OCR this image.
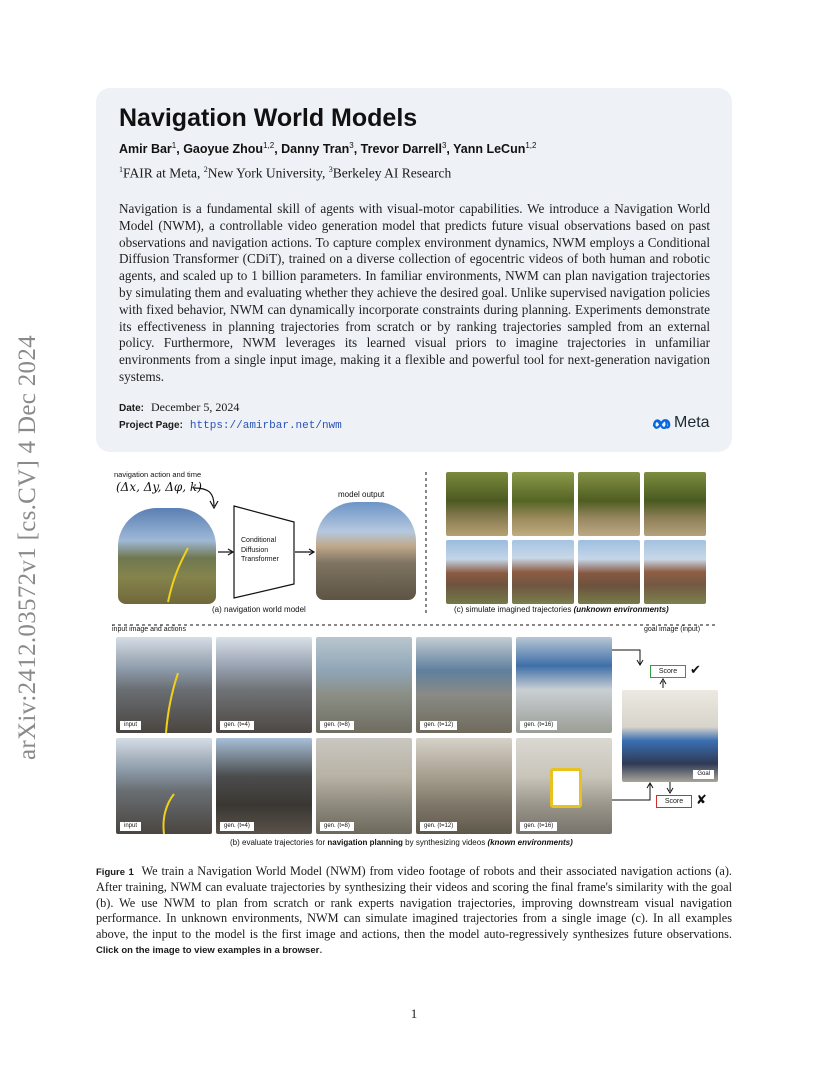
arXiv:2412.03572v1 [cs.CV] 4 Dec 2024
Navigation World Models
Amir Bar$^1$, Gaoyue Zhou$^{1,2}$, Danny Tran$^3$, Trevor Darrell$^3$, Yann LeCun$^{1,2}$
$^1$FAIR at Meta, $^2$New York University, $^3$Berkeley AI Research

Navigation is a fundamental skill of agents with visual-motor capabilities. We introduce a Navigation World Model (NWM), a controllable video generation model that predicts future visual observations based on past observations and navigation actions. To capture complex environment dynamics, NWM employs a Conditional Diffusion Transformer (CDiT), trained on a diverse collection of egocentric videos of both human and robotic agents, and scaled up to 1 billion parameters. In familiar environments, NWM can plan navigation trajectories by simulating them and evaluating whether they achieve the desired goal. Unlike supervised navigation policies with fixed behavior, NWM can dynamically incorporate constraints during planning. Experiments demonstrate its effectiveness in planning trajectories from scratch or by ranking trajectories sampled from an external policy. Furthermore, NWM leverages its learned visual priors to imagine trajectories in unfamiliar environments from a single input image, making it a flexible and powerful tool for next-generation navigation systems.

Date: December 5, 2024
Project Page: https://amirbar.net/nwm	Meta
navigation action and time
(Δx, Δy, Δφ, k)
Conditional
Diffusion
Transformer
model output
(a) navigation world model	(c) simulate imagined trajectories (unknown environments)
input image and actions	goal image (input)
input	gen. (t=4)	gen. (t=8)	gen. (t=12)	gen. (t=16)
input	gen. (t=4)	gen. (t=8)	gen. (t=12)	gen. (t=16)
Score ✔
Goal
Score ✘
(b) evaluate trajectories for navigation planning by synthesizing videos (known environments)

Figure 1 We train a Navigation World Model (NWM) from video footage of robots and their associated navigation actions (a). After training, NWM can evaluate trajectories by synthesizing their videos and scoring the final frame's similarity with the goal (b). We use NWM to plan from scratch or rank experts navigation trajectories, improving downstream visual navigation performance. In unknown environments, NWM can simulate imagined trajectories from a single image (c). In all examples above, the input to the model is the first image and actions, then the model auto-regressively synthesizes future observations. Click on the image to view examples in a browser.

1
